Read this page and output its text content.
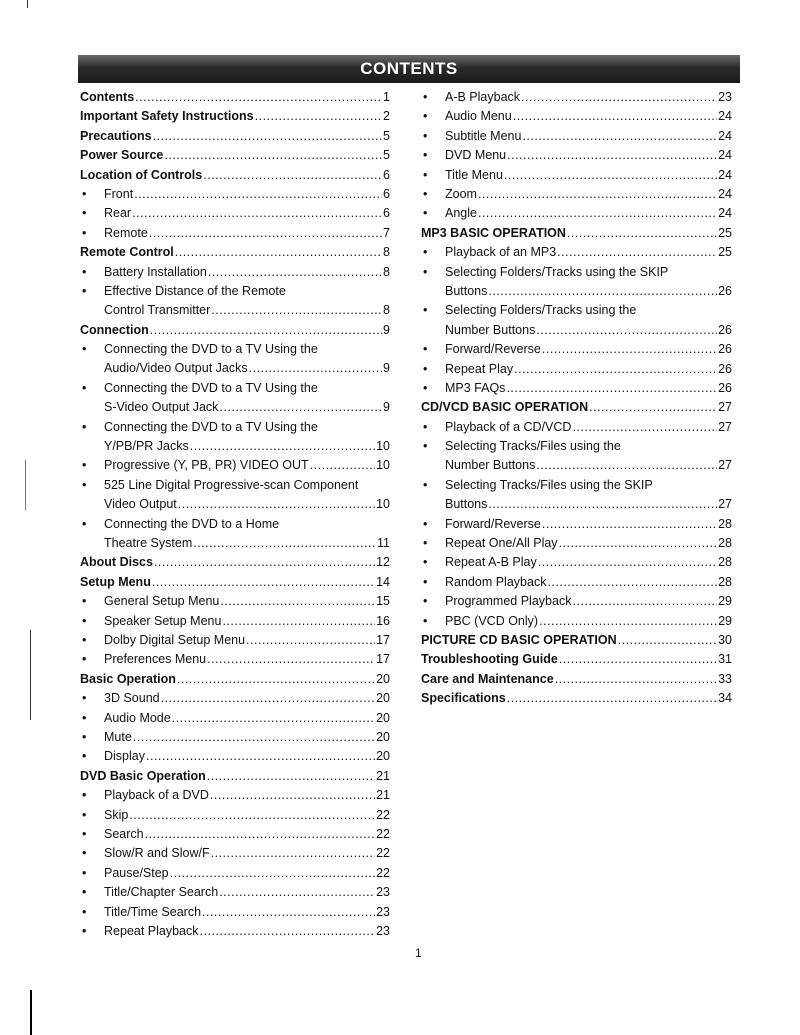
CONTENTS
Contents .....	1
Important Safety Instructions .....	2
Precautions .....	5
Power Source .....	5
Location of Controls .....	6
•	Front .....	6
•	Rear .....	6
•	Remote .....	7
Remote Control .....	8
•	Battery Installation .....	8
•	Effective Distance of the Remote
Control Transmitter .....	8
Connection .....	9
•	Connecting the DVD to a TV Using the
Audio/Video Output Jacks .....	9
•	Connecting the DVD to a TV Using the
S-Video Output Jack .....	9
•	Connecting the DVD to a TV Using the
Y/PB/PR Jacks .....	10
•	Progressive (Y, PB, PR) VIDEO OUT .....	10
•	525 Line Digital Progressive-scan Component
Video Output .....	10
•	Connecting the DVD to a Home
Theatre System .....	11
About Discs .....	12
Setup Menu .....	14
•	General Setup Menu .....	15
•	Speaker Setup Menu .....	16
•	Dolby Digital Setup Menu .....	17
•	Preferences Menu .....	17
Basic Operation .....	20
•	3D Sound .....	20
•	Audio Mode .....	20
•	Mute .....	20
•	Display .....	20
DVD Basic Operation .....	21
•	Playback of a DVD .....	21
•	Skip .....	22
•	Search .....	22
•	Slow/R and Slow/F .....	22
•	Pause/Step .....	22
•	Title/Chapter Search .....	23
•	Title/Time Search .....	23
•	Repeat Playback .....	23
•	A-B Playback .....	23
•	Audio Menu .....	24
•	Subtitle Menu .....	24
•	DVD Menu .....	24
•	Title Menu .....	24
•	Zoom .....	24
•	Angle .....	24
MP3 BASIC OPERATION .....	25
•	Playback of an MP3 .....	25
•	Selecting Folders/Tracks using the SKIP
Buttons .....	26
•	Selecting Folders/Tracks using the
Number Buttons .....	26
•	Forward/Reverse .....	26
•	Repeat Play .....	26
•	MP3 FAQs .....	26
CD/VCD BASIC OPERATION .....	27
•	Playback of a CD/VCD .....	27
•	Selecting Tracks/Files using the
Number Buttons .....	27
•	Selecting Tracks/Files using the SKIP
Buttons .....	27
•	Forward/Reverse .....	28
•	Repeat One/All Play .....	28
•	Repeat A-B Play .....	28
•	Random Playback .....	28
•	Programmed Playback .....	29
•	PBC (VCD Only) .....	29
PICTURE CD BASIC OPERATION .....	30
Troubleshooting Guide .....	31
Care and Maintenance .....	33
Specifications .....	34
1
